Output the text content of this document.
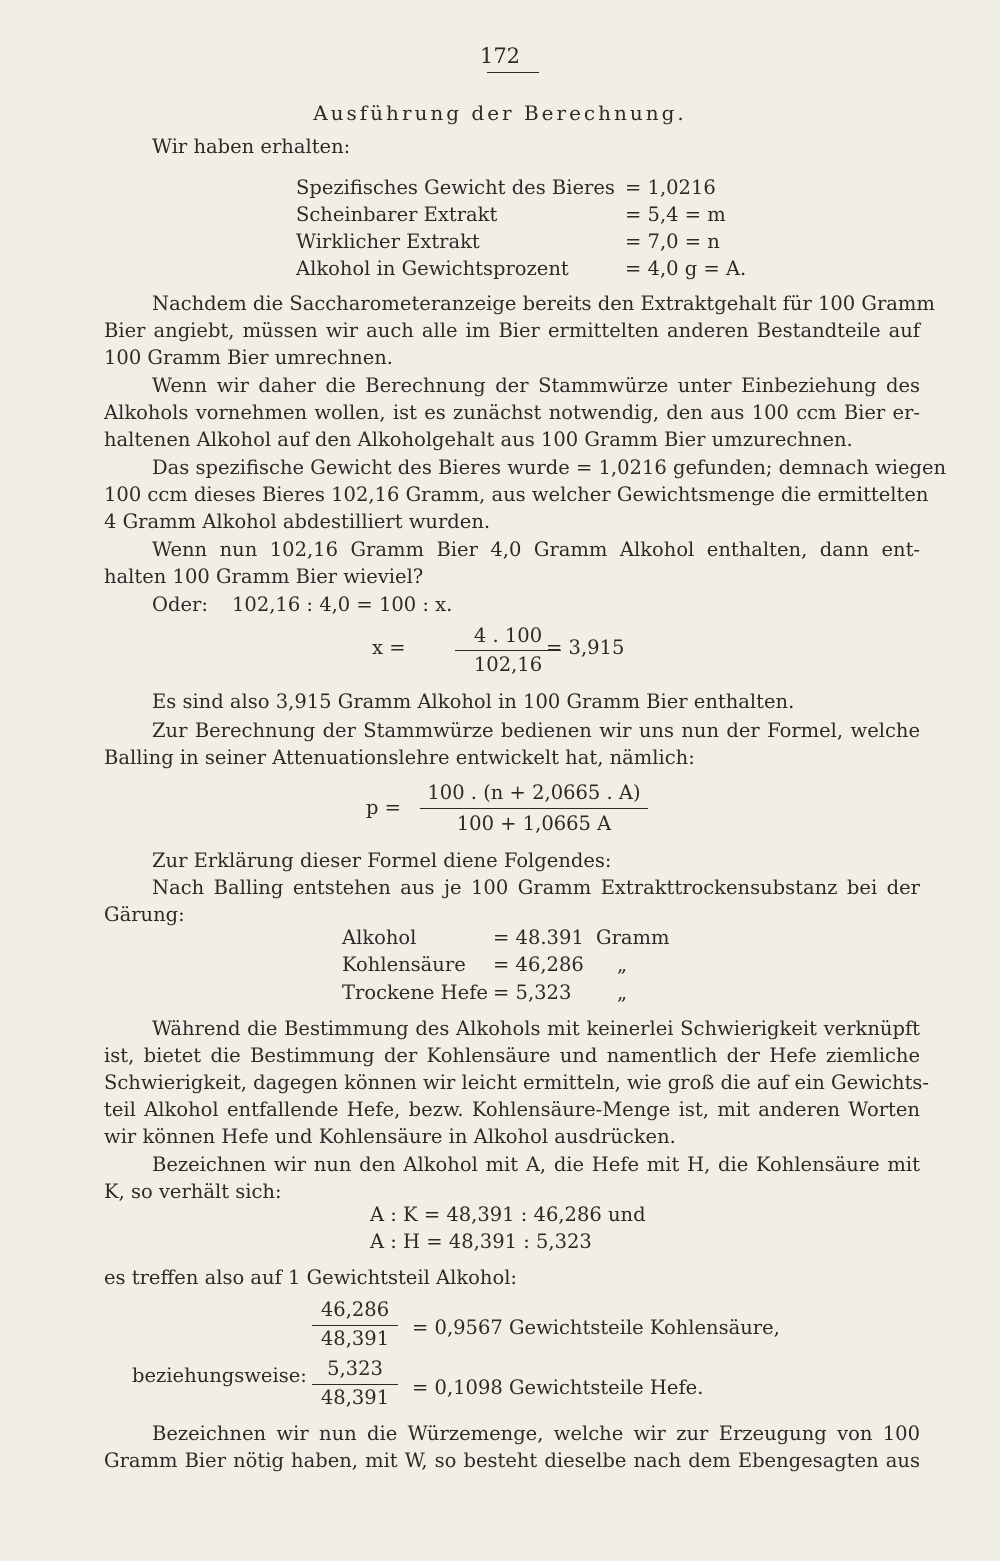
172
Ausführung der Berechnung.
Wir haben erhalten:
Spezifisches Gewicht des Bieres = 1,0216
Scheinbarer Extrakt	= 5,4 = m
Wirklicher Extrakt	= 7,0 = n
Alkohol in Gewichtsprozent	= 4,0 g = A.
Nachdem die Saccharometeranzeige bereits den Extraktgehalt für 100 Gramm
Bier angiebt, müssen wir auch alle im Bier ermittelten anderen Bestandteile auf
100 Gramm Bier umrechnen.
Wenn wir daher die Berechnung der Stammwürze unter Einbeziehung des
Alkohols vornehmen wollen, ist es zunächst notwendig, den aus 100 ccm Bier er-
haltenen Alkohol auf den Alkoholgehalt aus 100 Gramm Bier umzurechnen.
Das spezifische Gewicht des Bieres wurde = 1,0216 gefunden; demnach wiegen
100 ccm dieses Bieres 102,16 Gramm, aus welcher Gewichtsmenge die ermittelten
4 Gramm Alkohol abdestilliert wurden.
Wenn nun 102,16 Gramm Bier 4,0 Gramm Alkohol enthalten, dann ent-
halten 100 Gramm Bier wieviel?
Oder: 102,16 : 4,0 = 100 : x.
x =
4 . 100
102,16
= 3,915
Es sind also 3,915 Gramm Alkohol in 100 Gramm Bier enthalten.
Zur Berechnung der Stammwürze bedienen wir uns nun der Formel, welche
Balling in seiner Attenuationslehre entwickelt hat, nämlich:
p =
100 . (n + 2,0665 . A)
100 + 1,0665 A
Zur Erklärung dieser Formel diene Folgendes:
Nach Balling entstehen aus je 100 Gramm Extrakttrockensubstanz bei der
Gärung:
Alkohol	= 48.391 Gramm
Kohlensäure = 46,286 „
Trockene Hefe = 5,323 „
Während die Bestimmung des Alkohols mit keinerlei Schwierigkeit verknüpft
ist, bietet die Bestimmung der Kohlensäure und namentlich der Hefe ziemliche
Schwierigkeit, dagegen können wir leicht ermitteln, wie groß die auf ein Gewichts-
teil Alkohol entfallende Hefe, bezw. Kohlensäure-Menge ist, mit anderen Worten
wir können Hefe und Kohlensäure in Alkohol ausdrücken.
Bezeichnen wir nun den Alkohol mit A, die Hefe mit H, die Kohlensäure mit
K, so verhält sich:
A : K = 48,391 : 46,286 und
A : H = 48,391 : 5,323
es treffen also auf 1 Gewichtsteil Alkohol:
46,286
48,391	= 0,9567 Gewichtsteile Kohlensäure,
beziehungsweise:	5,323
48,391	= 0,1098 Gewichtsteile Hefe.
Bezeichnen wir nun die Würzemenge, welche wir zur Erzeugung von 100
Gramm Bier nötig haben, mit W, so besteht dieselbe nach dem Ebengesagten aus
